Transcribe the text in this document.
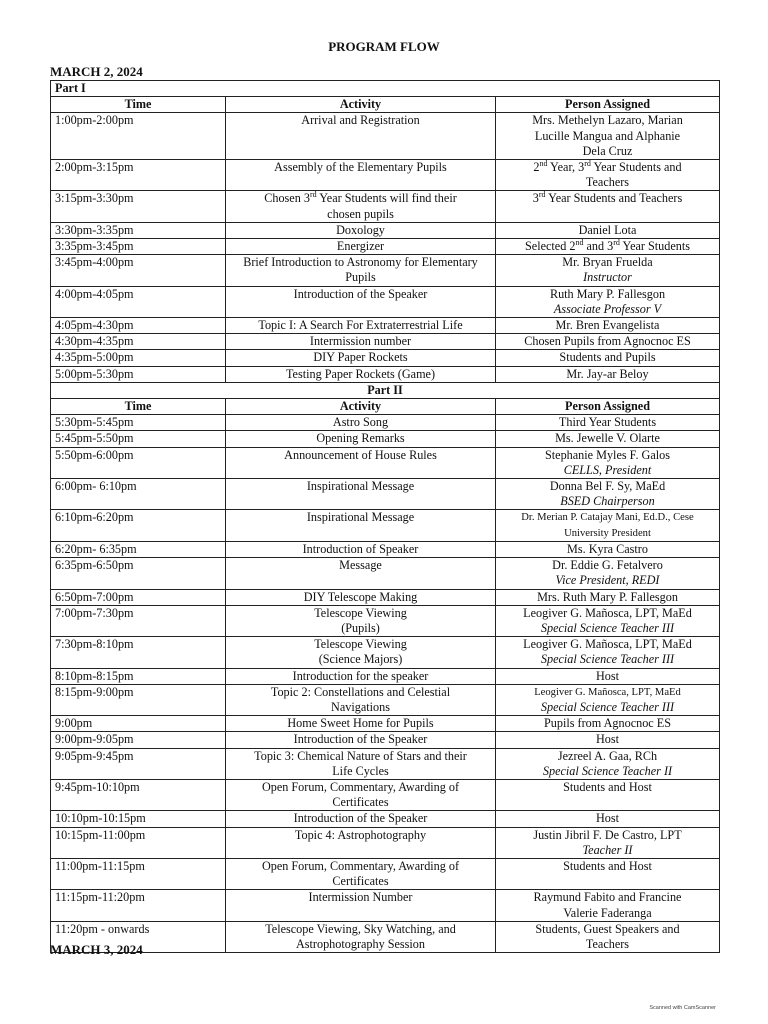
PROGRAM FLOW
MARCH 2, 2024
Part I		
Time	Activity	Person Assigned
1:00pm-2:00pm	Arrival and Registration	Mrs. Methelyn Lazaro, Marian
Lucille Mangua and Alphanie
Dela Cruz

2:00pm-3:15pm	Assembly of the Elementary Pupils	2nd Year, 3rd Year Students and
Teachers

3:15pm-3:30pm	Chosen 3rd Year Students will find their
chosen pupils	3rd Year Students and Teachers

3:30pm-3:35pm	Doxology	Daniel Lota

3:35pm-3:45pm	Energizer	Selected 2nd and 3rd Year Students

3:45pm-4:00pm	Brief Introduction to Astronomy for Elementary Pupils	Mr. Bryan Fruelda
Instructor

4:00pm-4:05pm	Introduction of the Speaker	Ruth Mary P. Fallesgon
Associate Professor V

4:05pm-4:30pm	Topic I: A Search For Extraterrestrial Life	Mr. Bren Evangelista

4:30pm-4:35pm	Intermission number	Chosen Pupils from Agnocnoc ES

4:35pm-5:00pm	DIY Paper Rockets	Students and Pupils

5:00pm-5:30pm	Testing Paper Rockets (Game)	Mr. Jay-ar Beloy

Part II		
Time	Activity	Person Assigned
5:30pm-5:45pm	Astro Song	Third Year Students

5:45pm-5:50pm	Opening Remarks	Ms. Jewelle V. Olarte

5:50pm-6:00pm	Announcement of House Rules	Stephanie Myles F. Galos
CELLS, President

6:00pm- 6:10pm	Inspirational Message	Donna Bel F. Sy, MaEd
BSED Chairperson

6:10pm-6:20pm	Inspirational Message	Dr. Merian P. Catajay Mani, Ed.D., Cese
University President

6:20pm- 6:35pm	Introduction of Speaker	Ms. Kyra Castro

6:35pm-6:50pm	Message	Dr. Eddie G. Fetalvero
Vice President, REDI

6:50pm-7:00pm	DIY Telescope Making	Mrs. Ruth Mary P. Fallesgon

7:00pm-7:30pm	Telescope Viewing
(Pupils)	Leogiver G. Mañosca, LPT, MaEd
Special Science Teacher III

7:30pm-8:10pm	Telescope Viewing
(Science Majors)	Leogiver G. Mañosca, LPT, MaEd
Special Science Teacher III

8:10pm-8:15pm	Introduction for the speaker	Host

8:15pm-9:00pm	Topic 2: Constellations and Celestial
Navigations	Leogiver G. Mañosca, LPT, MaEd
Special Science Teacher III

9:00pm	Home Sweet Home for Pupils	Pupils from Agnocnoc ES

9:00pm-9:05pm	Introduction of the Speaker	Host

9:05pm-9:45pm	Topic 3: Chemical Nature of Stars and their
Life Cycles	Jezreel A. Gaa, RCh
Special Science Teacher II

9:45pm-10:10pm	Open Forum, Commentary, Awarding of
Certificates	Students and Host

10:10pm-10:15pm	Introduction of the Speaker	Host

10:15pm-11:00pm	Topic 4: Astrophotography	Justin Jibril F. De Castro, LPT
Teacher II

11:00pm-11:15pm	Open Forum, Commentary, Awarding of
Certificates	Students and Host

11:15pm-11:20pm	Intermission Number	Raymund Fabito and Francine
Valerie Faderanga

11:20pm - onwards	Telescope Viewing, Sky Watching, and
Astrophotography Session	Students, Guest Speakers and
Teachers
MARCH 3, 2024
Scanned with CamScanner
